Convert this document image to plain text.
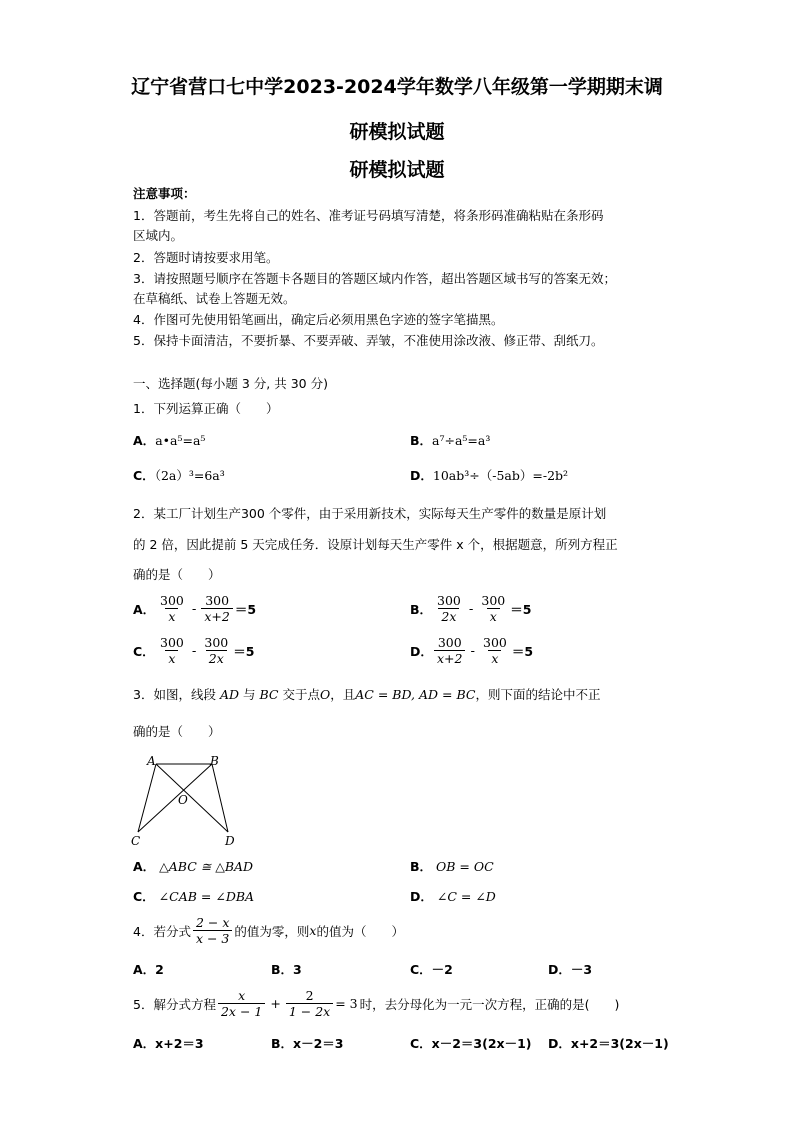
辽宁省营口七中学2023-2024学年数学八年级第一学期期末调
研模拟试题
研模拟试题
注意事项：
1．答题前，考生先将自己的姓名、准考证号码填写清楚，将条形码准确粘贴在条形码
区域内。
2．答题时请按要求用笔。
3．请按照题号顺序在答题卡各题目的答题区域内作答，超出答题区域书写的答案无效；
在草稿纸、试卷上答题无效。
4．作图可先使用铅笔画出，确定后必须用黑色字迹的签字笔描黑。
5．保持卡面清洁，不要折暴、不要弄破、弄皱，不准使用涂改液、修正带、刮纸刀。
一、选择题(每小题 3 分, 共 30 分)
1．下列运算正确（　　）
A．a•a⁵=a⁵	B．a⁷÷a⁵=a³
C．（2a）³=6a³	D．10ab³÷（-5ab）=-2b²
2．某工厂计划生产300 个零件，由于采用新技术，实际每天生产零件的数量是原计划
的 2 倍，因此提前 5 天完成任务．设原计划每天生产零件 x 个，根据题意，所列方程正
确的是（　　）
A． $\frac{300}{x} - \frac{300}{x+2} =5$	B． $\frac{300}{2x} - \frac{300}{x} =5$
C． $\frac{300}{x} - \frac{300}{2x} =5$	D． $\frac{300}{x+2} - \frac{300}{x} =5$
3．如图，线段 AD 与 BC 交于点O，且AC = BD, AD = BC，则下面的结论中不正
确的是（　　）
A	B
O
C	D
A． △ABC ≅ △BAD	B． OB = OC
C． ∠CAB = ∠DBA	D． ∠C = ∠D
4．若分式 $\frac{2 - x}{x - 3}$ 的值为零，则 x 的值为（　　）
A．2	B．3	C．－2	D．－3
5．解分式方程 $\frac{x}{2x - 1} + \frac{2}{1 - 2x} = 3$ 时，去分母化为一元一次方程，正确的是(　　)
A．x+2＝3	B．x－2＝3	C．x－2＝3(2x－1) D．x+2＝3(2x－1)
